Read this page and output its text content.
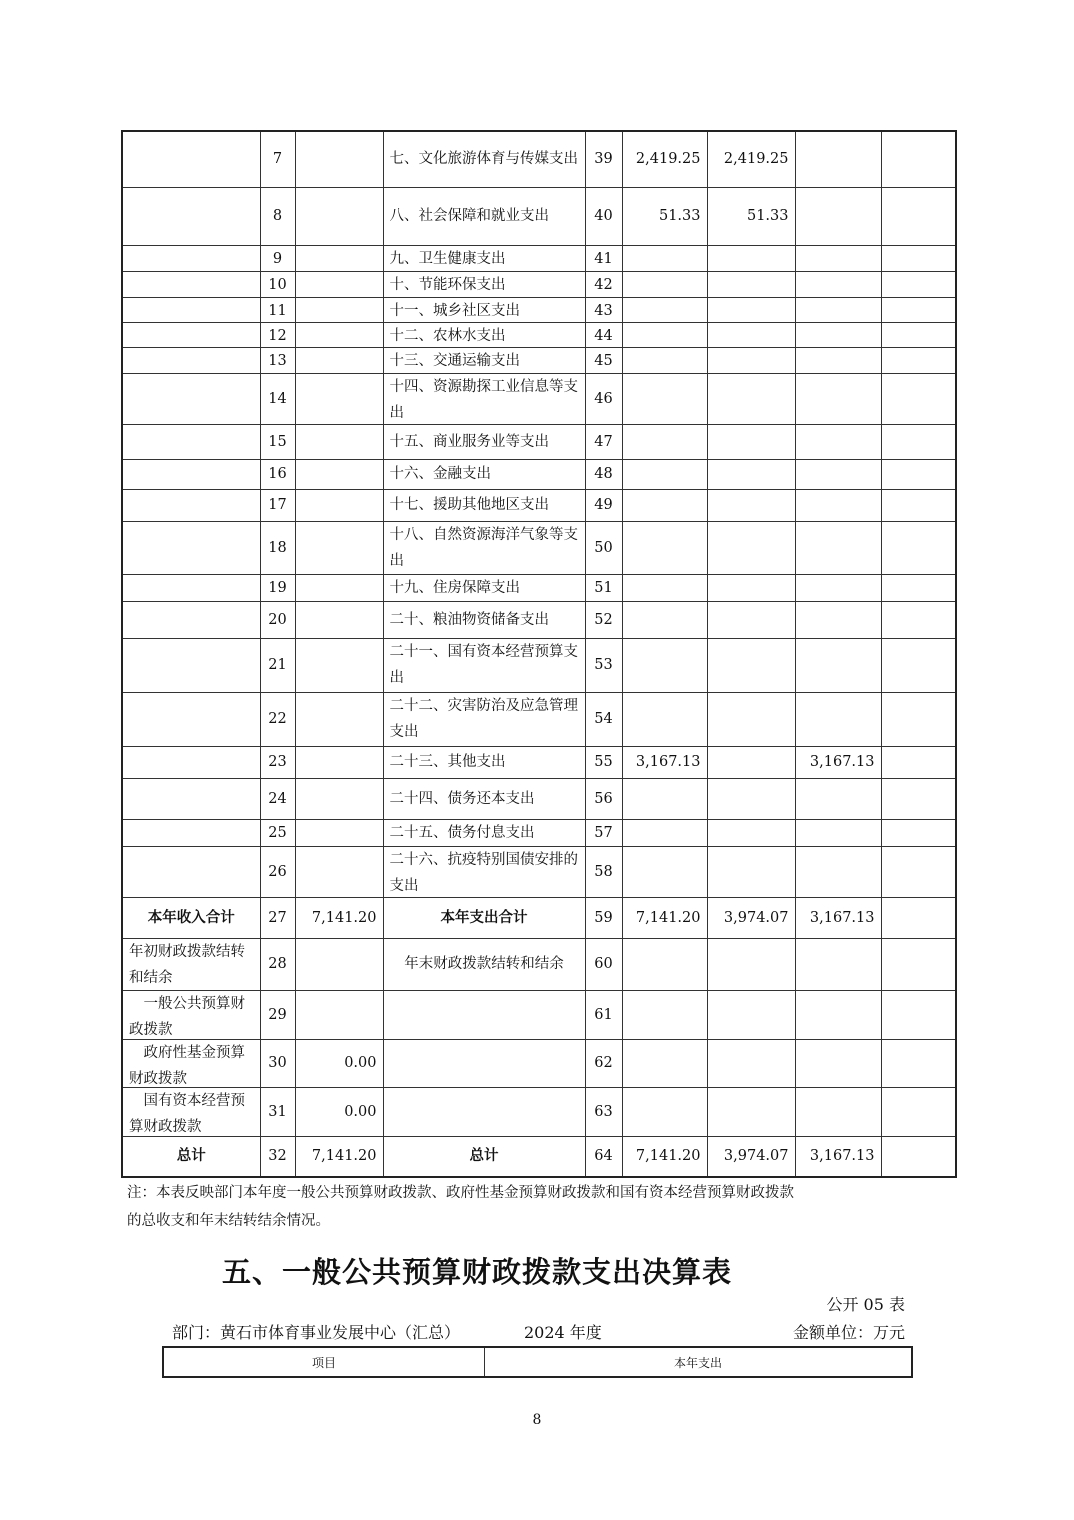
	7		七、文化旅游体育与传媒支出	39	2,419.25	2,419.25		

	8		八、社会保障和就业支出	40	51.33	51.33		

	9		九、卫生健康支出	41				

	10		十、节能环保支出	42				

	11		十一、城乡社区支出	43				

	12		十二、农林水支出	44				

	13		十三、交通运输支出	45				

	14		十四、资源勘探工业信息等支出	46				

	15		十五、商业服务业等支出	47				

	16		十六、金融支出	48				

	17		十七、援助其他地区支出	49				

	18		十八、自然资源海洋气象等支出	50				

	19		十九、住房保障支出	51				

	20		二十、粮油物资储备支出	52				

	21		二十一、国有资本经营预算支出	53				

	22		二十二、灾害防治及应急管理支出	54				

	23		二十三、其他支出	55	3,167.13		3,167.13	

	24		二十四、债务还本支出	56				

	25		二十五、债务付息支出	57				

	26		二十六、抗疫特别国债安排的支出	58				

本年收入合计	27	7,141.20	本年支出合计	59	7,141.20	3,974.07	3,167.13	

年初财政拨款结转和结余	28		年末财政拨款结转和结余	60				

　一般公共预算财政拨款	29			61				

　政府性基金预算财政拨款	30	0.00		62				

　国有资本经营预算财政拨款	31	0.00		63				

总计	32	7,141.20	总计	64	7,141.20	3,974.07	3,167.13	

注：本表反映部门本年度一般公共预算财政拨款、政府性基金预算财政拨款和国有资本经营预算财政拨款
的总收支和年末结转结余情况。
五、一般公共预算财政拨款支出决算表
公开 05 表
部门：黄石市体育事业发展中心（汇总）	2024 年度	金额单位：万元
项目	本年支出
8
